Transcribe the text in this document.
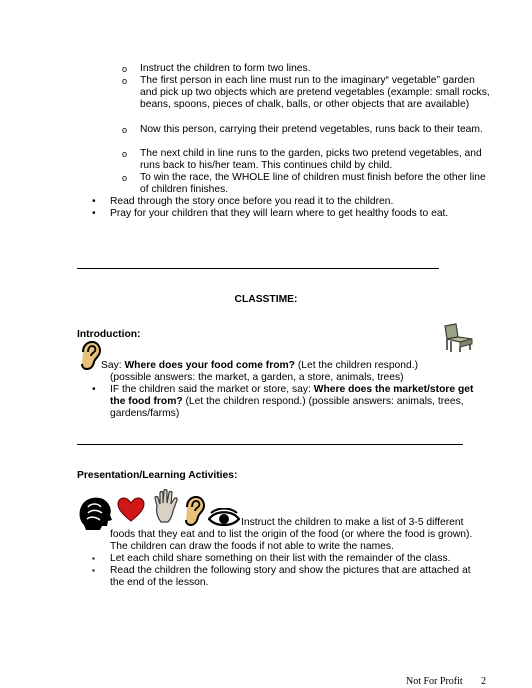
o	Instruct the children to form two lines.
o	The first person in each line must run to the imaginary“ vegetable” garden and pick up two objects which are pretend vegetables (example: small rocks, beans, spoons, pieces of chalk, balls, or other objects that are available)
o	Now this person, carrying their pretend vegetables, runs back to their team.
o	The next child in line runs to the garden, picks two pretend vegetables, and runs back to his/her team. This continues child by child.
o	To win the race, the WHOLE line of children must finish before the other line of children finishes.
•	Read through the story once before you read it to the children.
•	Pray for your children that they will learn where to get healthy foods to eat.
CLASSTIME:
Introduction:
Say: Where does your food come from? (Let the children respond.)
(possible answers: the market, a garden, a store, animals, trees)
•	IF the children said the market or store, say: Where does the market/store get the food from? (Let the children respond.) (possible answers: animals, trees, gardens/farms)
Presentation/Learning Activities:
Instruct the children to make a list of 3-5 different foods that they eat and to list the origin of the food (or where the food is grown). The children can draw the foods if not able to write the names.
▪	Let each child share something on their list with the remainder of the class.
▪	Read the children the following story and show the pictures that are attached at the end of the lesson.
Not For Profit 2
